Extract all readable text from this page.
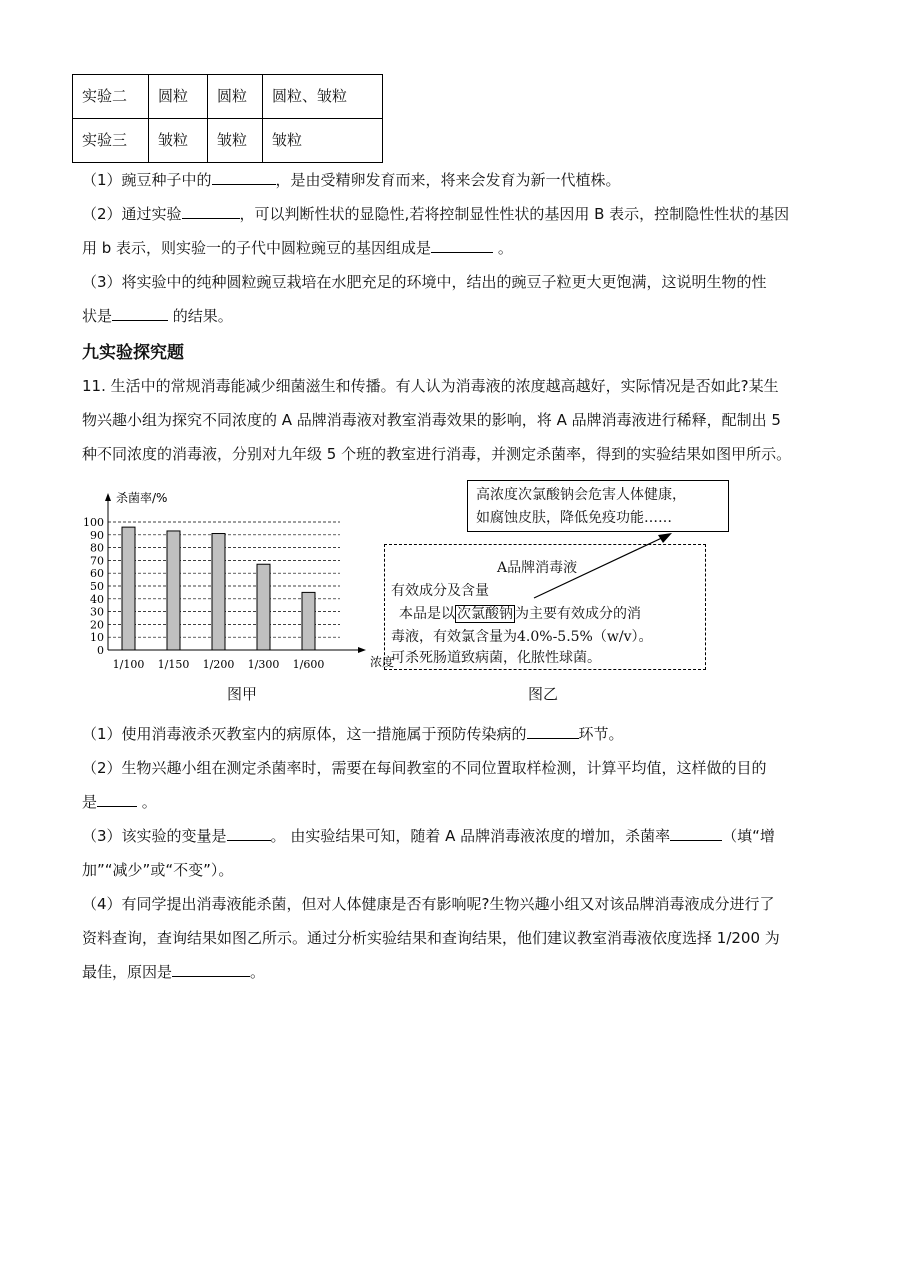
实验二	圆粒	圆粒	圆粒、皱粒
实验三	皱粒	皱粒	皱粒
（1）豌豆种子中的	，是由受精卵发育而来，将来会发育为新一代植株。
（2）通过实验	，可以判断性状的显隐性,若将控制显性性状的基因用 B 表示，控制隐性性状的基因
用 b 表示，则实验一的子代中圆粒豌豆的基因组成是	。
（3）将实验中的纯种圆粒豌豆栽培在水肥充足的环境中，结出的豌豆子粒更大更饱满，这说明生物的性
状是	的结果。
九实验探究题
11. 生活中的常规消毒能减少细菌滋生和传播。有人认为消毒液的浓度越高越好，实际情况是否如此?某生
物兴趣小组为探究不同浓度的 A 品牌消毒液对教室消毒效果的影响，将 A 品牌消毒液进行稀释，配制出 5
种不同浓度的消毒液，分别对九年级 5 个班的教室进行消毒，并测定杀菌率，得到的实验结果如图甲所示。
0
10
20
30
40
50
60
70
80
90
100
杀菌率/%
浓度
1/100 1/150 1/200 1/300 1/600
图甲
高浓度次氯酸钠会危害人体健康，
如腐蚀皮肤，降低免疫功能……
A品牌消毒液
有效成分及含量
本品是以 次氯酸钠 为主要有效成分的消
毒液，有效氯含量为4.0%-5.5%（w/v）。
可杀死肠道致病菌，化脓性球菌。
图乙
（1）使用消毒液杀灭教室内的病原体，这一措施属于预防传染病的	环节。
（2）生物兴趣小组在测定杀菌率时，需要在每间教室的不同位置取样检测，计算平均值，这样做的目的
是	。
（3）该实验的变量是	。 由实验结果可知，随着 A 品牌消毒液浓度的增加，杀菌率	（填“增
加”“减少”或“不变”）。
（4）有同学提出消毒液能杀菌，但对人体健康是否有影响呢?生物兴趣小组又对该品牌消毒液成分进行了
资料查询，查询结果如图乙所示。通过分析实验结果和查询结果，他们建议教室消毒液依度选择 1/200 为
最佳，原因是	。
